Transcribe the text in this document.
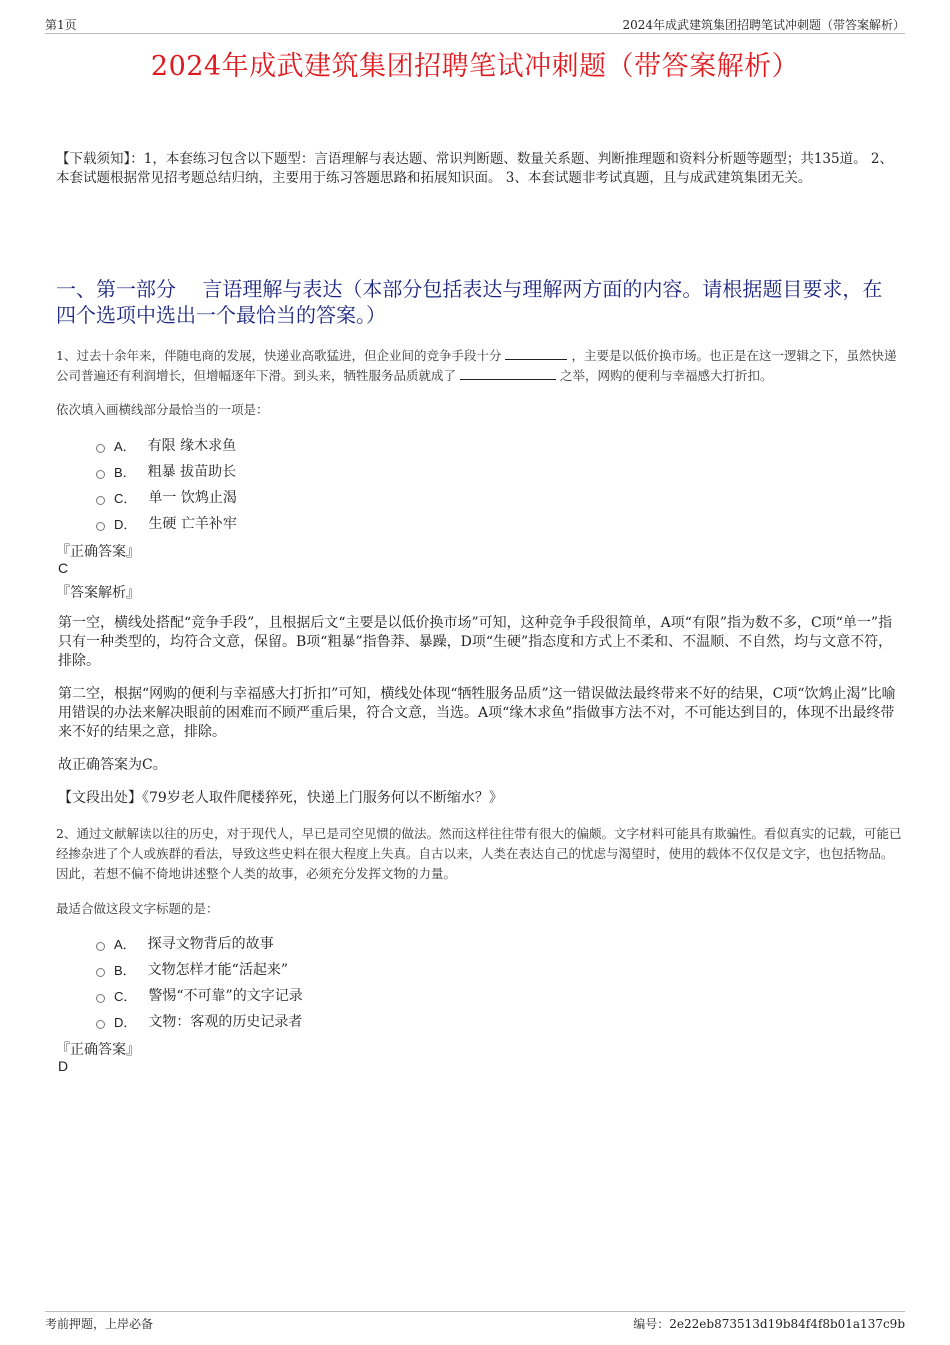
第1页	2024年成武建筑集团招聘笔试冲刺题（带答案解析）
2024年成武建筑集团招聘笔试冲刺题（带答案解析）
【下载须知】：1，本套练习包含以下题型：言语理解与表达题、常识判断题、数量关系题、判断推理题和资料分析题等题型；共135道。 2、本套试题根据常见招考题总结归纳，主要用于练习答题思路和拓展知识面。 3、本套试题非考试真题，且与成武建筑集团无关。
一、第一部分　 言语理解与表达（本部分包括表达与理解两方面的内容。请根据题目要求，在四个选项中选出一个最恰当的答案。）
1、过去十余年来，伴随电商的发展，快递业高歌猛进，但企业间的竞争手段十分	，主要是以低价换市场。也正是在这一逻辑之下，虽然快递公司普遍还有利润增长，但增幅逐年下滑。到头来，牺牲服务品质就成了	之举，网购的便利与幸福感大打折扣。
依次填入画横线部分最恰当的一项是：
A． 有限 缘木求鱼
B． 粗暴 拔苗助长
C． 单一 饮鸩止渴
D． 生硬 亡羊补牢
『正确答案』
C
『答案解析』
第一空，横线处搭配“竞争手段”，且根据后文“主要是以低价换市场”可知，这种竞争手段很简单，A项“有限”指为数不多，C项“单一”指只有一种类型的，均符合文意，保留。B项“粗暴”指鲁莽、暴躁，D项“生硬”指态度和方式上不柔和、不温顺、不自然，均与文意不符，排除。
第二空，根据“网购的便利与幸福感大打折扣”可知，横线处体现“牺牲服务品质”这一错误做法最终带来不好的结果，C项“饮鸩止渴”比喻用错误的办法来解决眼前的困难而不顾严重后果，符合文意，当选。A项“缘木求鱼”指做事方法不对，不可能达到目的，体现不出最终带来不好的结果之意，排除。
故正确答案为C。
【文段出处】《79岁老人取件爬楼猝死，快递上门服务何以不断缩水？》
2、通过文献解读以往的历史，对于现代人，早已是司空见惯的做法。然而这样往往带有很大的偏颇。文字材料可能具有欺骗性。看似真实的记载，可能已经掺杂进了个人或族群的看法，导致这些史料在很大程度上失真。自古以来，人类在表达自己的忧虑与渴望时，使用的载体不仅仅是文字，也包括物品。因此，若想不偏不倚地讲述整个人类的故事，必须充分发挥文物的力量。
最适合做这段文字标题的是：
A． 探寻文物背后的故事
B． 文物怎样才能“活起来”
C． 警惕“不可靠”的文字记录
D． 文物：客观的历史记录者
『正确答案』
D
考前押题，上岸必备	编号：2e22eb873513d19b84f4f8b01a137c9b
